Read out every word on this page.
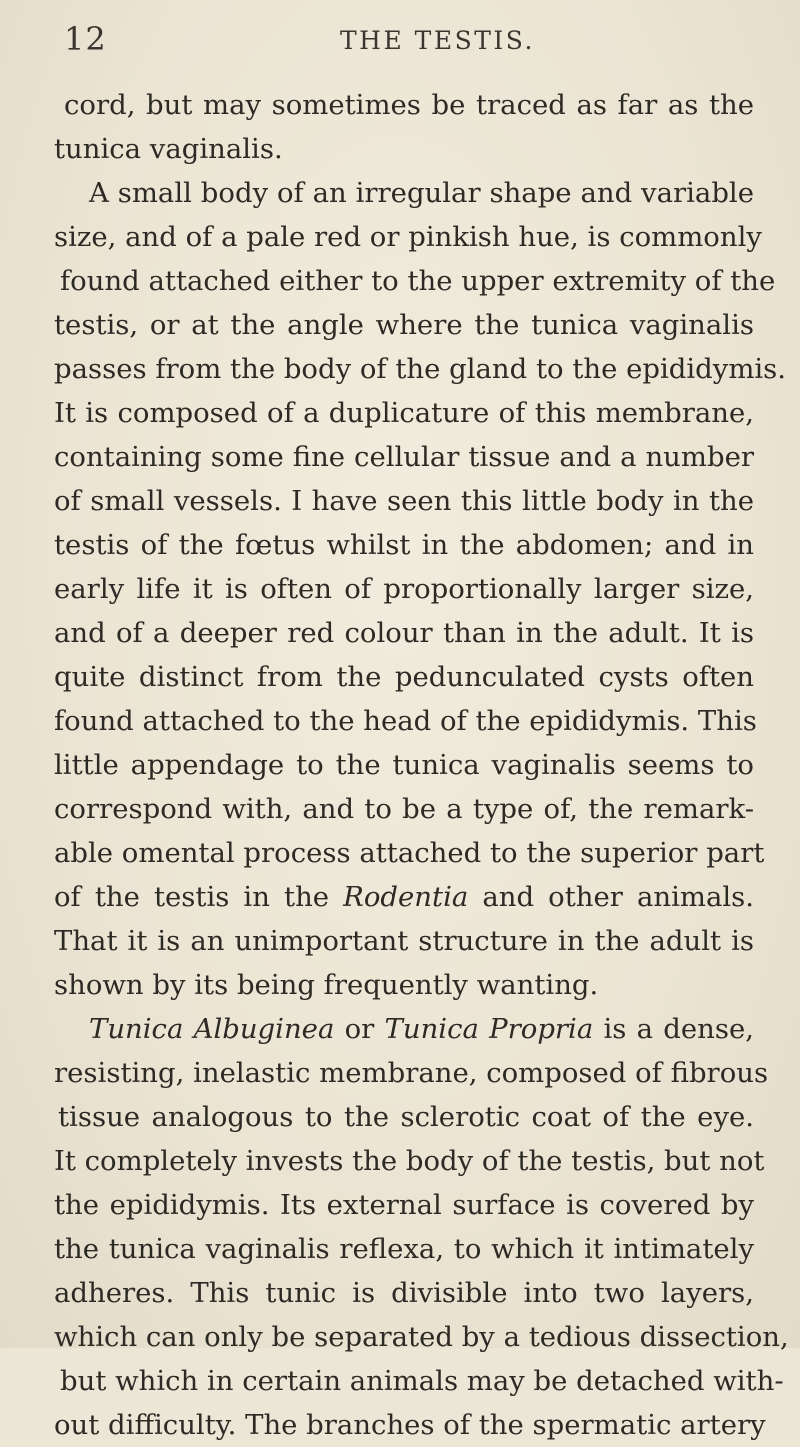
12	THE TESTIS.
cord, but may sometimes be traced as far as the
tunica vaginalis.
A small body of an irregular shape and variable
size, and of a pale red or pinkish hue, is commonly
found attached either to the upper extremity of the
testis, or at the angle where the tunica vaginalis
passes from the body of the gland to the epididymis.
It is composed of a duplicature of this membrane,
containing some fine cellular tissue and a number
of small vessels. I have seen this little body in the
testis of the fœtus whilst in the abdomen; and in
early life it is often of proportionally larger size,
and of a deeper red colour than in the adult. It is
quite distinct from the pedunculated cysts often
found attached to the head of the epididymis. This
little appendage to the tunica vaginalis seems to
correspond with, and to be a type of, the remark-
able omental process attached to the superior part
of the testis in the Rodentia and other animals.
That it is an unimportant structure in the adult is
shown by its being frequently wanting.
Tunica Albuginea or Tunica Propria is a dense,
resisting, inelastic membrane, composed of fibrous
tissue analogous to the sclerotic coat of the eye.
It completely invests the body of the testis, but not
the epididymis. Its external surface is covered by
the tunica vaginalis reflexa, to which it intimately
adheres. This tunic is divisible into two layers,
which can only be separated by a tedious dissection,
but which in certain animals may be detached with-
out difficulty. The branches of the spermatic artery
